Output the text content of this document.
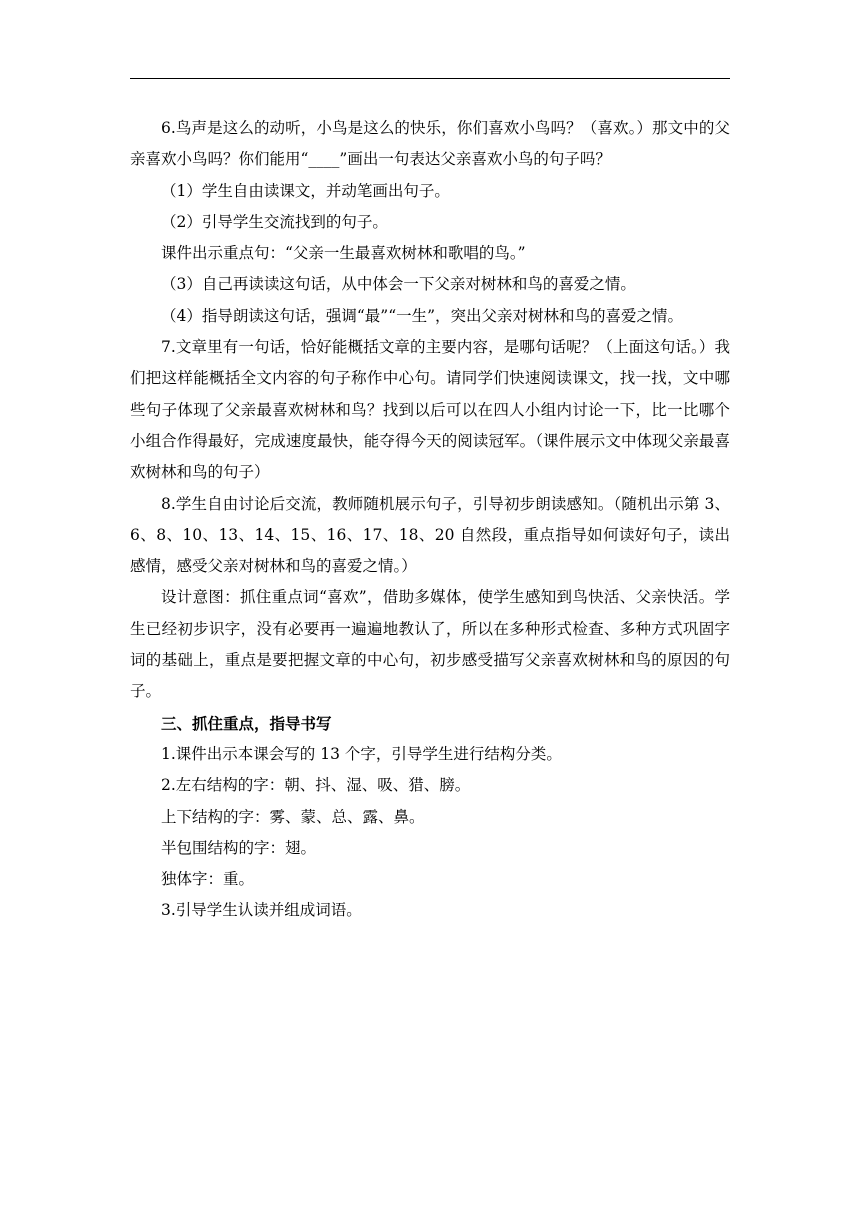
6.鸟声是这么的动听，小鸟是这么的快乐，你们喜欢小鸟吗？（喜欢。）那文中的父亲喜欢小鸟吗？你们能用“____”画出一句表达父亲喜欢小鸟的句子吗？

（1）学生自由读课文，并动笔画出句子。

（2）引导学生交流找到的句子。

课件出示重点句：“父亲一生最喜欢树林和歌唱的鸟。”

（3）自己再读读这句话，从中体会一下父亲对树林和鸟的喜爱之情。

（4）指导朗读这句话，强调“最”“一生”，突出父亲对树林和鸟的喜爱之情。

7.文章里有一句话，恰好能概括文章的主要内容，是哪句话呢？（上面这句话。）我们把这样能概括全文内容的句子称作中心句。请同学们快速阅读课文，找一找，文中哪些句子体现了父亲最喜欢树林和鸟？找到以后可以在四人小组内讨论一下，比一比哪个小组合作得最好，完成速度最快，能夺得今天的阅读冠军。（课件展示文中体现父亲最喜欢树林和鸟的句子）

8.学生自由讨论后交流，教师随机展示句子，引导初步朗读感知。（随机出示第 3、6、8、10、13、14、15、16、17、18、20 自然段，重点指导如何读好句子，读出感情，感受父亲对树林和鸟的喜爱之情。）

设计意图：抓住重点词“喜欢”，借助多媒体，使学生感知到鸟快活、父亲快活。学生已经初步识字，没有必要再一遍遍地教认了，所以在多种形式检查、多种方式巩固字词的基础上，重点是要把握文章的中心句，初步感受描写父亲喜欢树林和鸟的原因的句子。

三、抓住重点，指导书写

1.课件出示本课会写的 13 个字，引导学生进行结构分类。

2.左右结构的字：朝、抖、湿、吸、猎、膀。

上下结构的字：雾、蒙、总、露、鼻。

半包围结构的字：翅。

独体字：重。

3.引导学生认读并组成词语。
